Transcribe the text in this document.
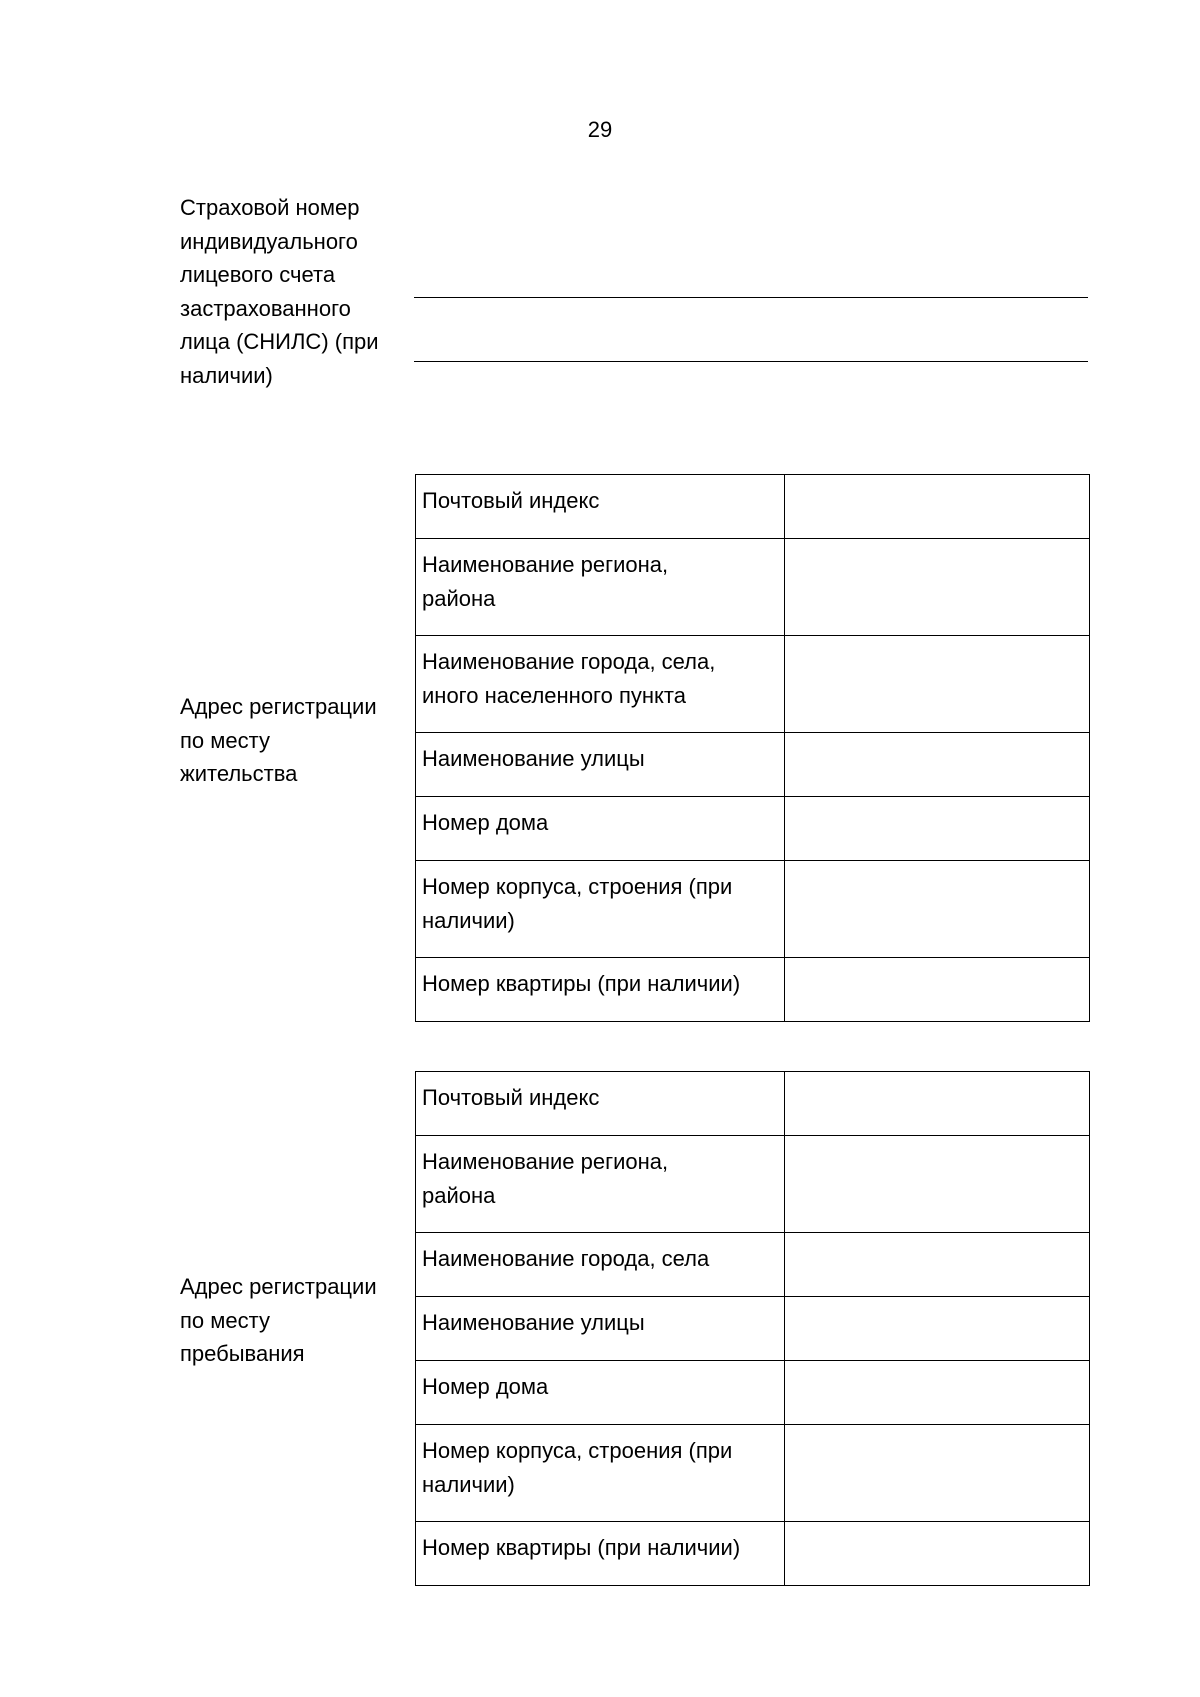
29
Страховой номер
индивидуального
лицевого счета
застрахованного
лица (СНИЛС) (при
наличии)
Адрес регистрации
по месту
жительства
Почтовый индекс	
Наименование региона,
района	
Наименование города, села,
иного населенного пункта	
Наименование улицы	
Номер дома	
Номер корпуса, строения (при
наличии)	
Номер квартиры (при наличии)	
Адрес регистрации
по месту
пребывания
Почтовый индекс	
Наименование региона,
района	
Наименование города, села	
Наименование улицы	
Номер дома	
Номер корпуса, строения (при
наличии)	
Номер квартиры (при наличии)	
